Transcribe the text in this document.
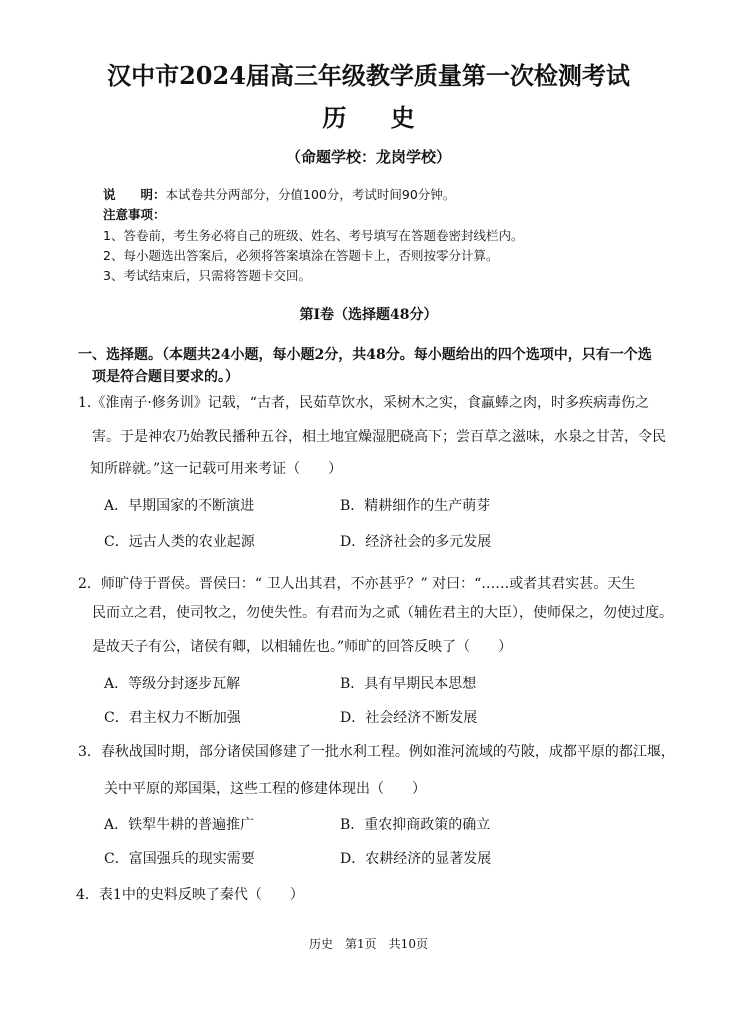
汉中市2024届高三年级教学质量第一次检测考试
历 史
（命题学校：龙岗学校）
说　　明：本试卷共分两部分，分值100分，考试时间90分钟。
注意事项：
1、答卷前，考生务必将自己的班级、姓名、考号填写在答题卷密封线栏内。
2、每小题选出答案后，必须将答案填涂在答题卡上，否则按零分计算。
3、考试结束后，只需将答题卡交回。
第Ⅰ卷（选择题48分）
一、选择题。（本题共24小题，每小题2分，共48分。每小题给出的四个选项中，只有一个选
项是符合题目要求的。）
1.《淮南子·修务训》记载，“古者，民茹草饮水，采树木之实，食蠃蜯之肉，时多疾病毒伤之
害。于是神农乃始教民播种五谷，相土地宜燥湿肥硗高下；尝百草之滋味，水泉之甘苦，令民
知所辟就。”这一记载可用来考证（　　）
A．早期国家的不断演进	B．精耕细作的生产萌芽
C．远古人类的农业起源	D．经济社会的多元发展
2．师旷侍于晋侯。晋侯曰：“ 卫人出其君，不亦甚乎？” 对曰：“……或者其君实甚。天生
民而立之君，使司牧之，勿使失性。有君而为之贰（辅佐君主的大臣），使师保之，勿使过度。
是故天子有公，诸侯有卿，以相辅佐也。”师旷的回答反映了（　　）
A．等级分封逐步瓦解	B．具有早期民本思想
C．君主权力不断加强	D．社会经济不断发展
3．春秋战国时期，部分诸侯国修建了一批水利工程。例如淮河流域的芍陂，成都平原的都江堰，
关中平原的郑国渠，这些工程的修建体现出（　　）
A．铁犁牛耕的普遍推广	B．重农抑商政策的确立
C．富国强兵的现实需要	D．农耕经济的显著发展
4．表1中的史料反映了秦代（　　）
历史　第1页　共10页
